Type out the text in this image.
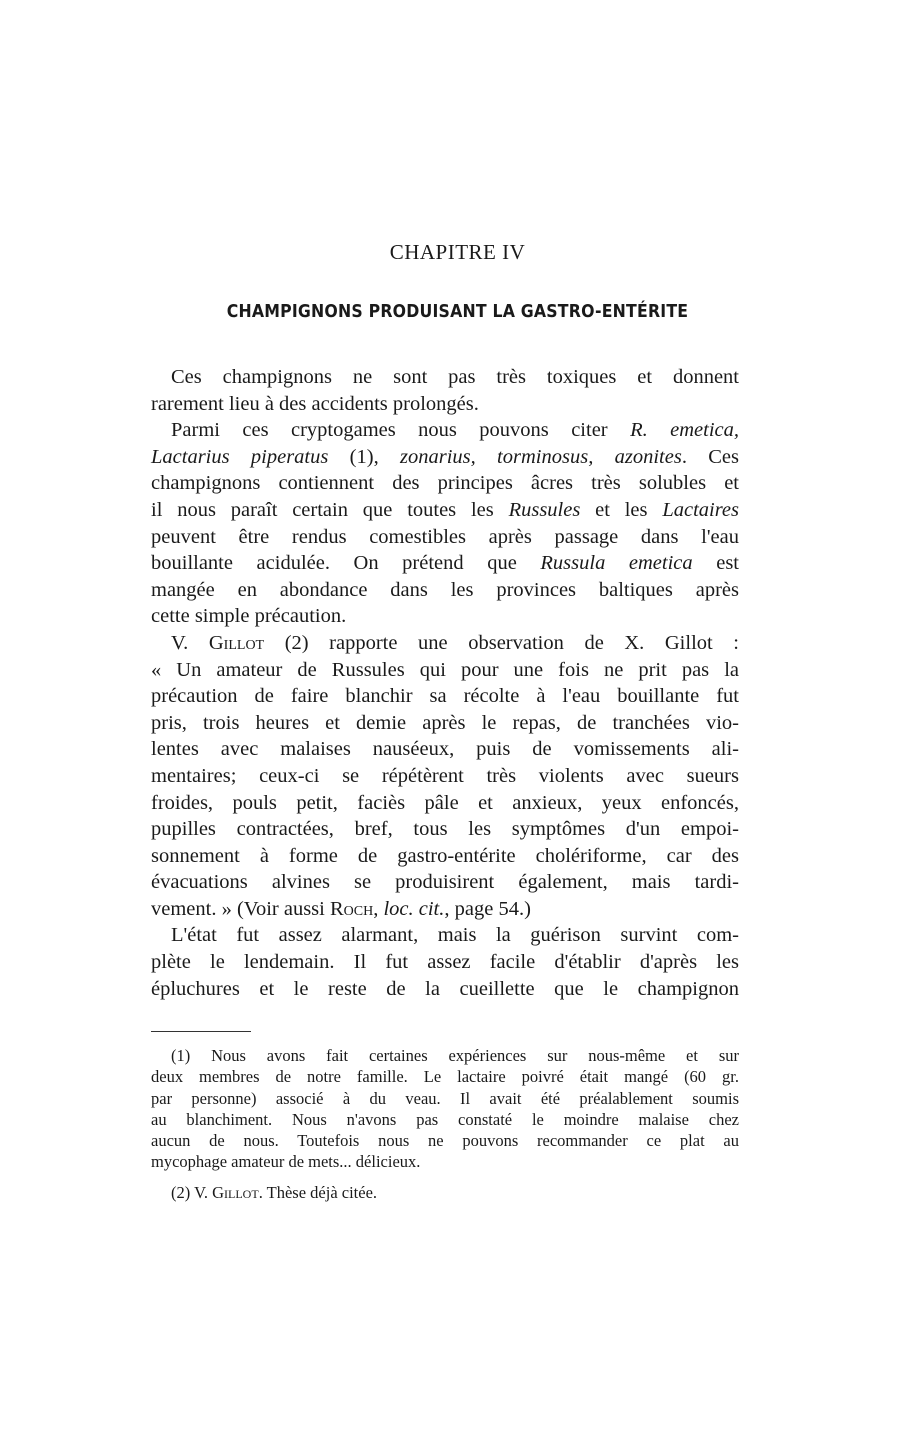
CHAPITRE IV
CHAMPIGNONS PRODUISANT LA GASTRO-ENTÉRITE
Ces champignons ne sont pas très toxiques et donnent
rarement lieu à des accidents prolongés.
Parmi ces cryptogames nous pouvons citer R. emetica,
Lactarius piperatus (1), zonarius, torminosus, azonites. Ces
champignons contiennent des principes âcres très solubles et
il nous paraît certain que toutes les Russules et les Lactaires
peuvent être rendus comestibles après passage dans l'eau
bouillante acidulée. On prétend que Russula emetica est
mangée en abondance dans les provinces baltiques après
cette simple précaution.
V. Gillot (2) rapporte une observation de X. Gillot :
« Un amateur de Russules qui pour une fois ne prit pas la
précaution de faire blanchir sa récolte à l'eau bouillante fut
pris, trois heures et demie après le repas, de tranchées vio-
lentes avec malaises nauséeux, puis de vomissements ali-
mentaires; ceux-ci se répétèrent très violents avec sueurs
froides, pouls petit, faciès pâle et anxieux, yeux enfoncés,
pupilles contractées, bref, tous les symptômes d'un empoi-
sonnement à forme de gastro-entérite cholériforme, car des
évacuations alvines se produisirent également, mais tardi-
vement. » (Voir aussi Roch, loc. cit., page 54.)
L'état fut assez alarmant, mais la guérison survint com-
plète le lendemain. Il fut assez facile d'établir d'après les
épluchures et le reste de la cueillette que le champignon
(1) Nous avons fait certaines expériences sur nous-même et sur
deux membres de notre famille. Le lactaire poivré était mangé (60 gr.
par personne) associé à du veau. Il avait été préalablement soumis
au blanchiment. Nous n'avons pas constaté le moindre malaise chez
aucun de nous. Toutefois nous ne pouvons recommander ce plat au
mycophage amateur de mets... délicieux.
(2) V. Gillot. Thèse déjà citée.
